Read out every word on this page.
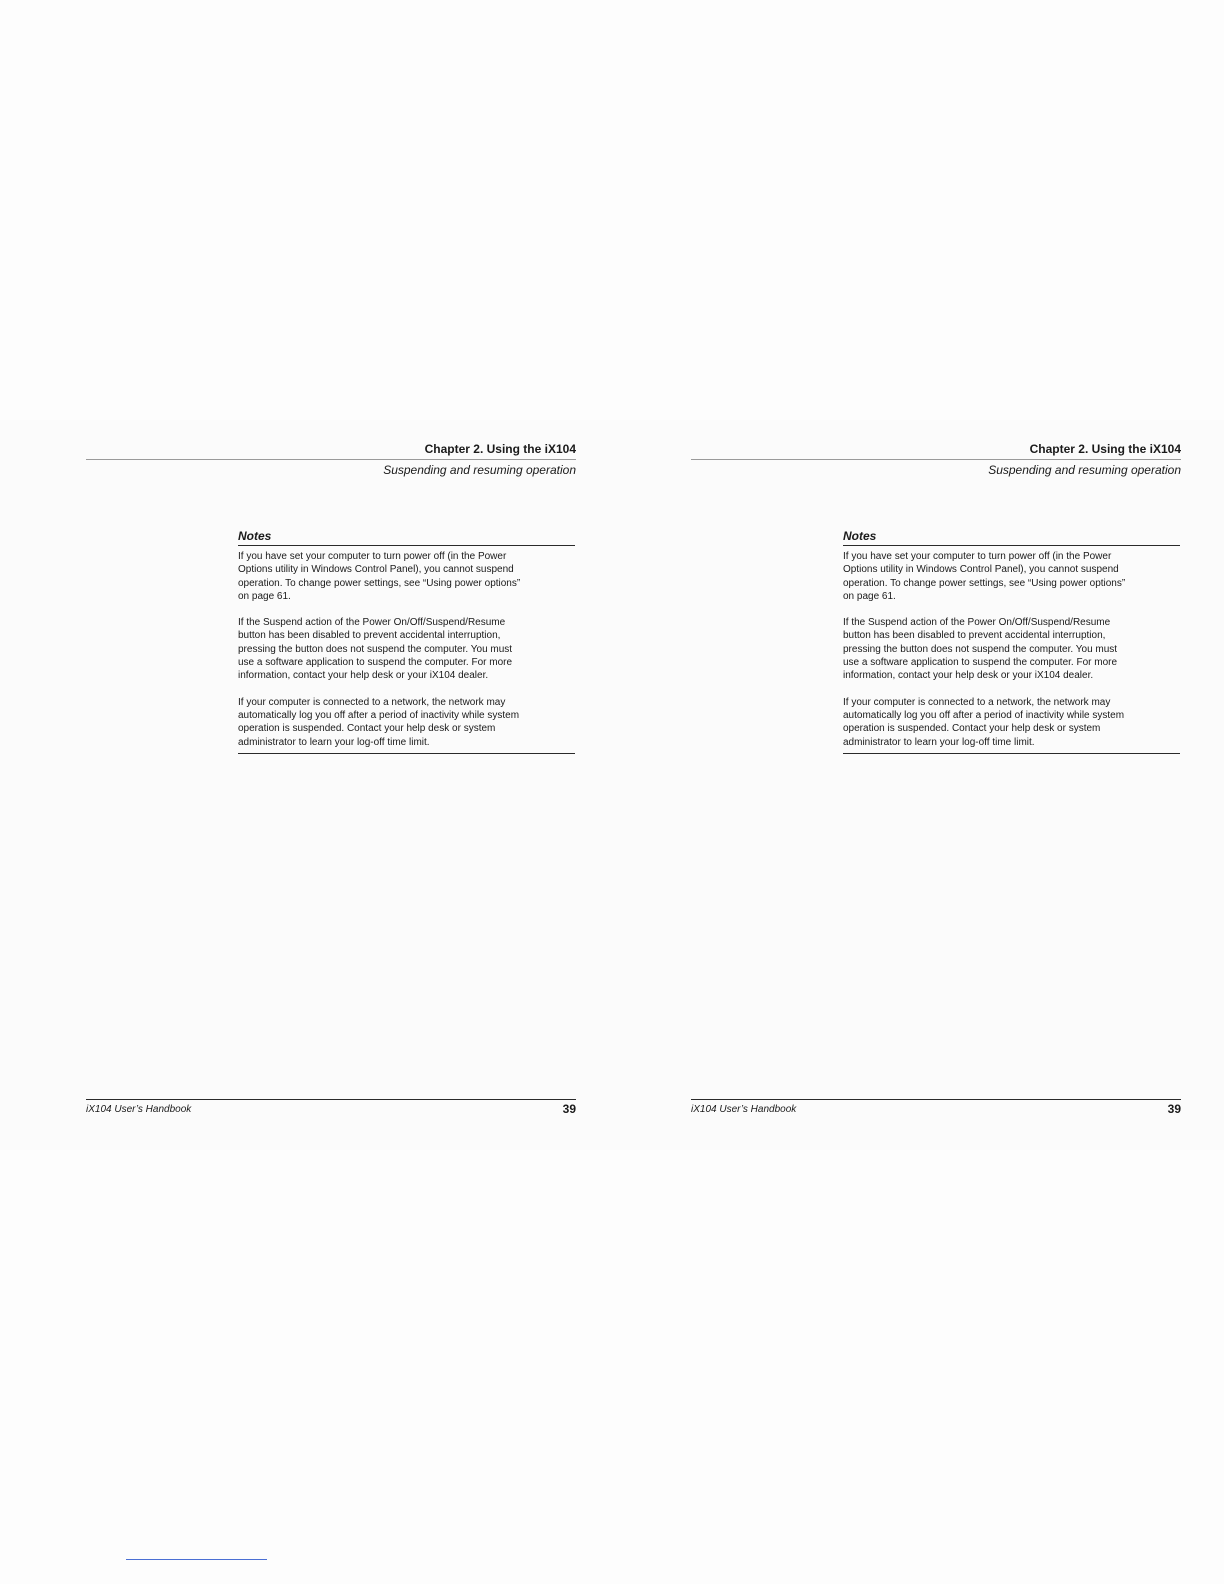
Chapter 2. Using the iX104
Suspending and resuming operation

Notes

If you have set your computer to turn power off (in the Power
Options utility in Windows Control Panel), you cannot suspend
operation. To change power settings, see “Using power options”
on page 61.

If the Suspend action of the Power On/Off/Suspend/Resume
button has been disabled to prevent accidental interruption,
pressing the button does not suspend the computer. You must
use a software application to suspend the computer. For more
information, contact your help desk or your iX104 dealer.

If your computer is connected to a network, the network may
automatically log you off after a period of inactivity while system
operation is suspended. Contact your help desk or system
administrator to learn your log-off time limit.

iX104 User’s Handbook	39
Chapter 2. Using the iX104
Suspending and resuming operation

Notes

If you have set your computer to turn power off (in the Power
Options utility in Windows Control Panel), you cannot suspend
operation. To change power settings, see “Using power options”
on page 61.

If the Suspend action of the Power On/Off/Suspend/Resume
button has been disabled to prevent accidental interruption,
pressing the button does not suspend the computer. You must
use a software application to suspend the computer. For more
information, contact your help desk or your iX104 dealer.

If your computer is connected to a network, the network may
automatically log you off after a period of inactivity while system
operation is suspended. Contact your help desk or system
administrator to learn your log-off time limit.

iX104 User’s Handbook	39
